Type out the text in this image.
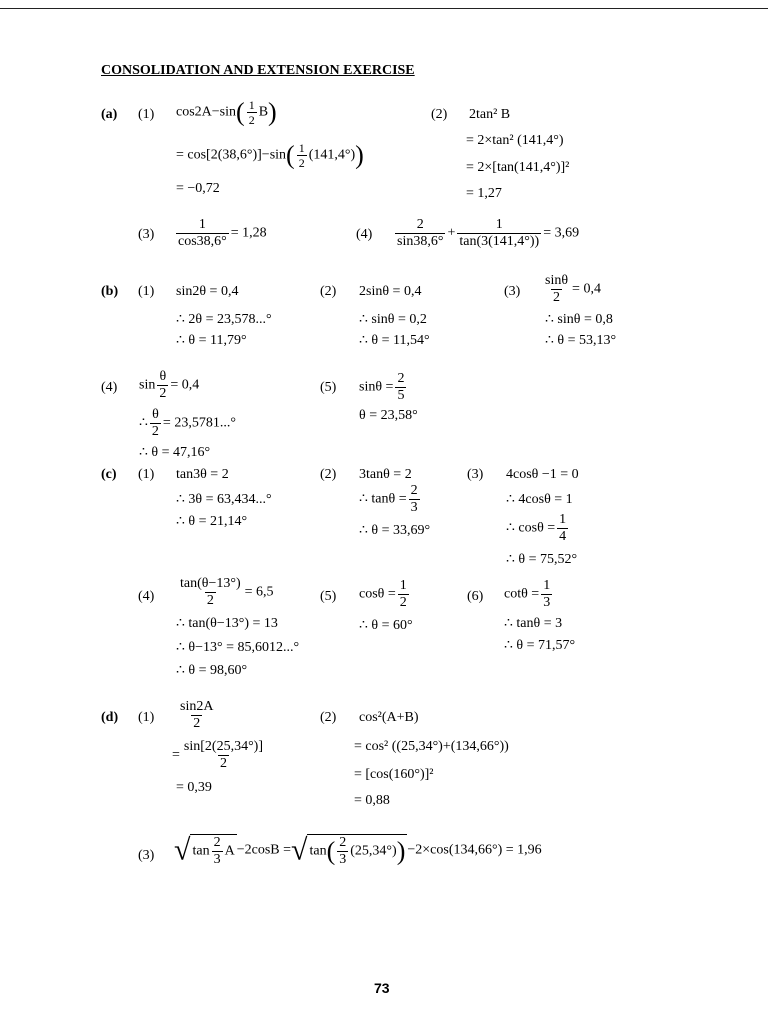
CONSOLIDATION AND EXTENSION EXERCISE
(a) (1) $\cos 2A-\sin( \frac{1}{2} B)$
= $\cos[2(38,6^\circ)]-\sin( \frac{1}{2} (141,4^\circ))$
= −0,72
(2) 2tan² B
= 2×tan² (141,4°)
= 2×[tan(141,4°)]²
= 1,27
$(3) \frac{1}{\cos 38,6^\circ} = 1,28$	$(4) \frac{2}{\sin 38,6^\circ} + \frac{1}{\tan(3(141,4^\circ))} = 3,69$
(b) (1) sin2θ = 0,4
∴ 2θ = 23,578...°
∴ θ = 11,79°
(2) 2sinθ = 0,4
∴ sinθ = 0,2
∴ θ = 11,54°
$(3) \frac{\sin\theta}{2} = 0,4$
∴ sinθ = 0,8
∴ θ = 53,13°
(4) $\sin \frac{\theta}{2} = 0,4$
∴ $\frac{\theta}{2} = 23,5781...^\circ$
∴ θ = 47,16°
(5) $\sin\theta = \frac{2}{5}$
θ = 23,58°
(c) (1) tan3θ = 2
∴ 3θ = 63,434...°
∴ θ = 21,14°
(2) 3tanθ = 2
∴ $\tan\theta = \frac{2}{3}$
∴ θ = 33,69°
(3) 4cosθ −1 = 0
∴ 4cosθ = 1
∴ $\cos\theta = \frac{1}{4}$
∴ θ = 75,52°
$(4) \frac{\tan(\theta-13^\circ)}{2} = 6,5$
∴ tan(θ−13°) = 13
∴ θ−13° = 85,6012...°
∴ θ = 98,60°
(5) $\cos\theta = \frac{1}{2}$
∴ θ = 60°
(6) $\cot\theta = \frac{1}{3}$
∴ tanθ = 3
∴ θ = 71,57°
(d) $(1) \frac{\sin 2A}{2}$
= $\frac{\sin[2(25,34^\circ)]}{2}$
= 0,39
(2) cos²(A+B)
= cos² ((25,34°)+(134,66°))
= [cos(160°)]²
= 0,88
(3) √ $\tan \frac{2}{3}$ A −2cosB =√ $\tan( \frac{2}{3} (25,34^\circ)) -2\times\cos(134,66^\circ) = 1,96$
73
